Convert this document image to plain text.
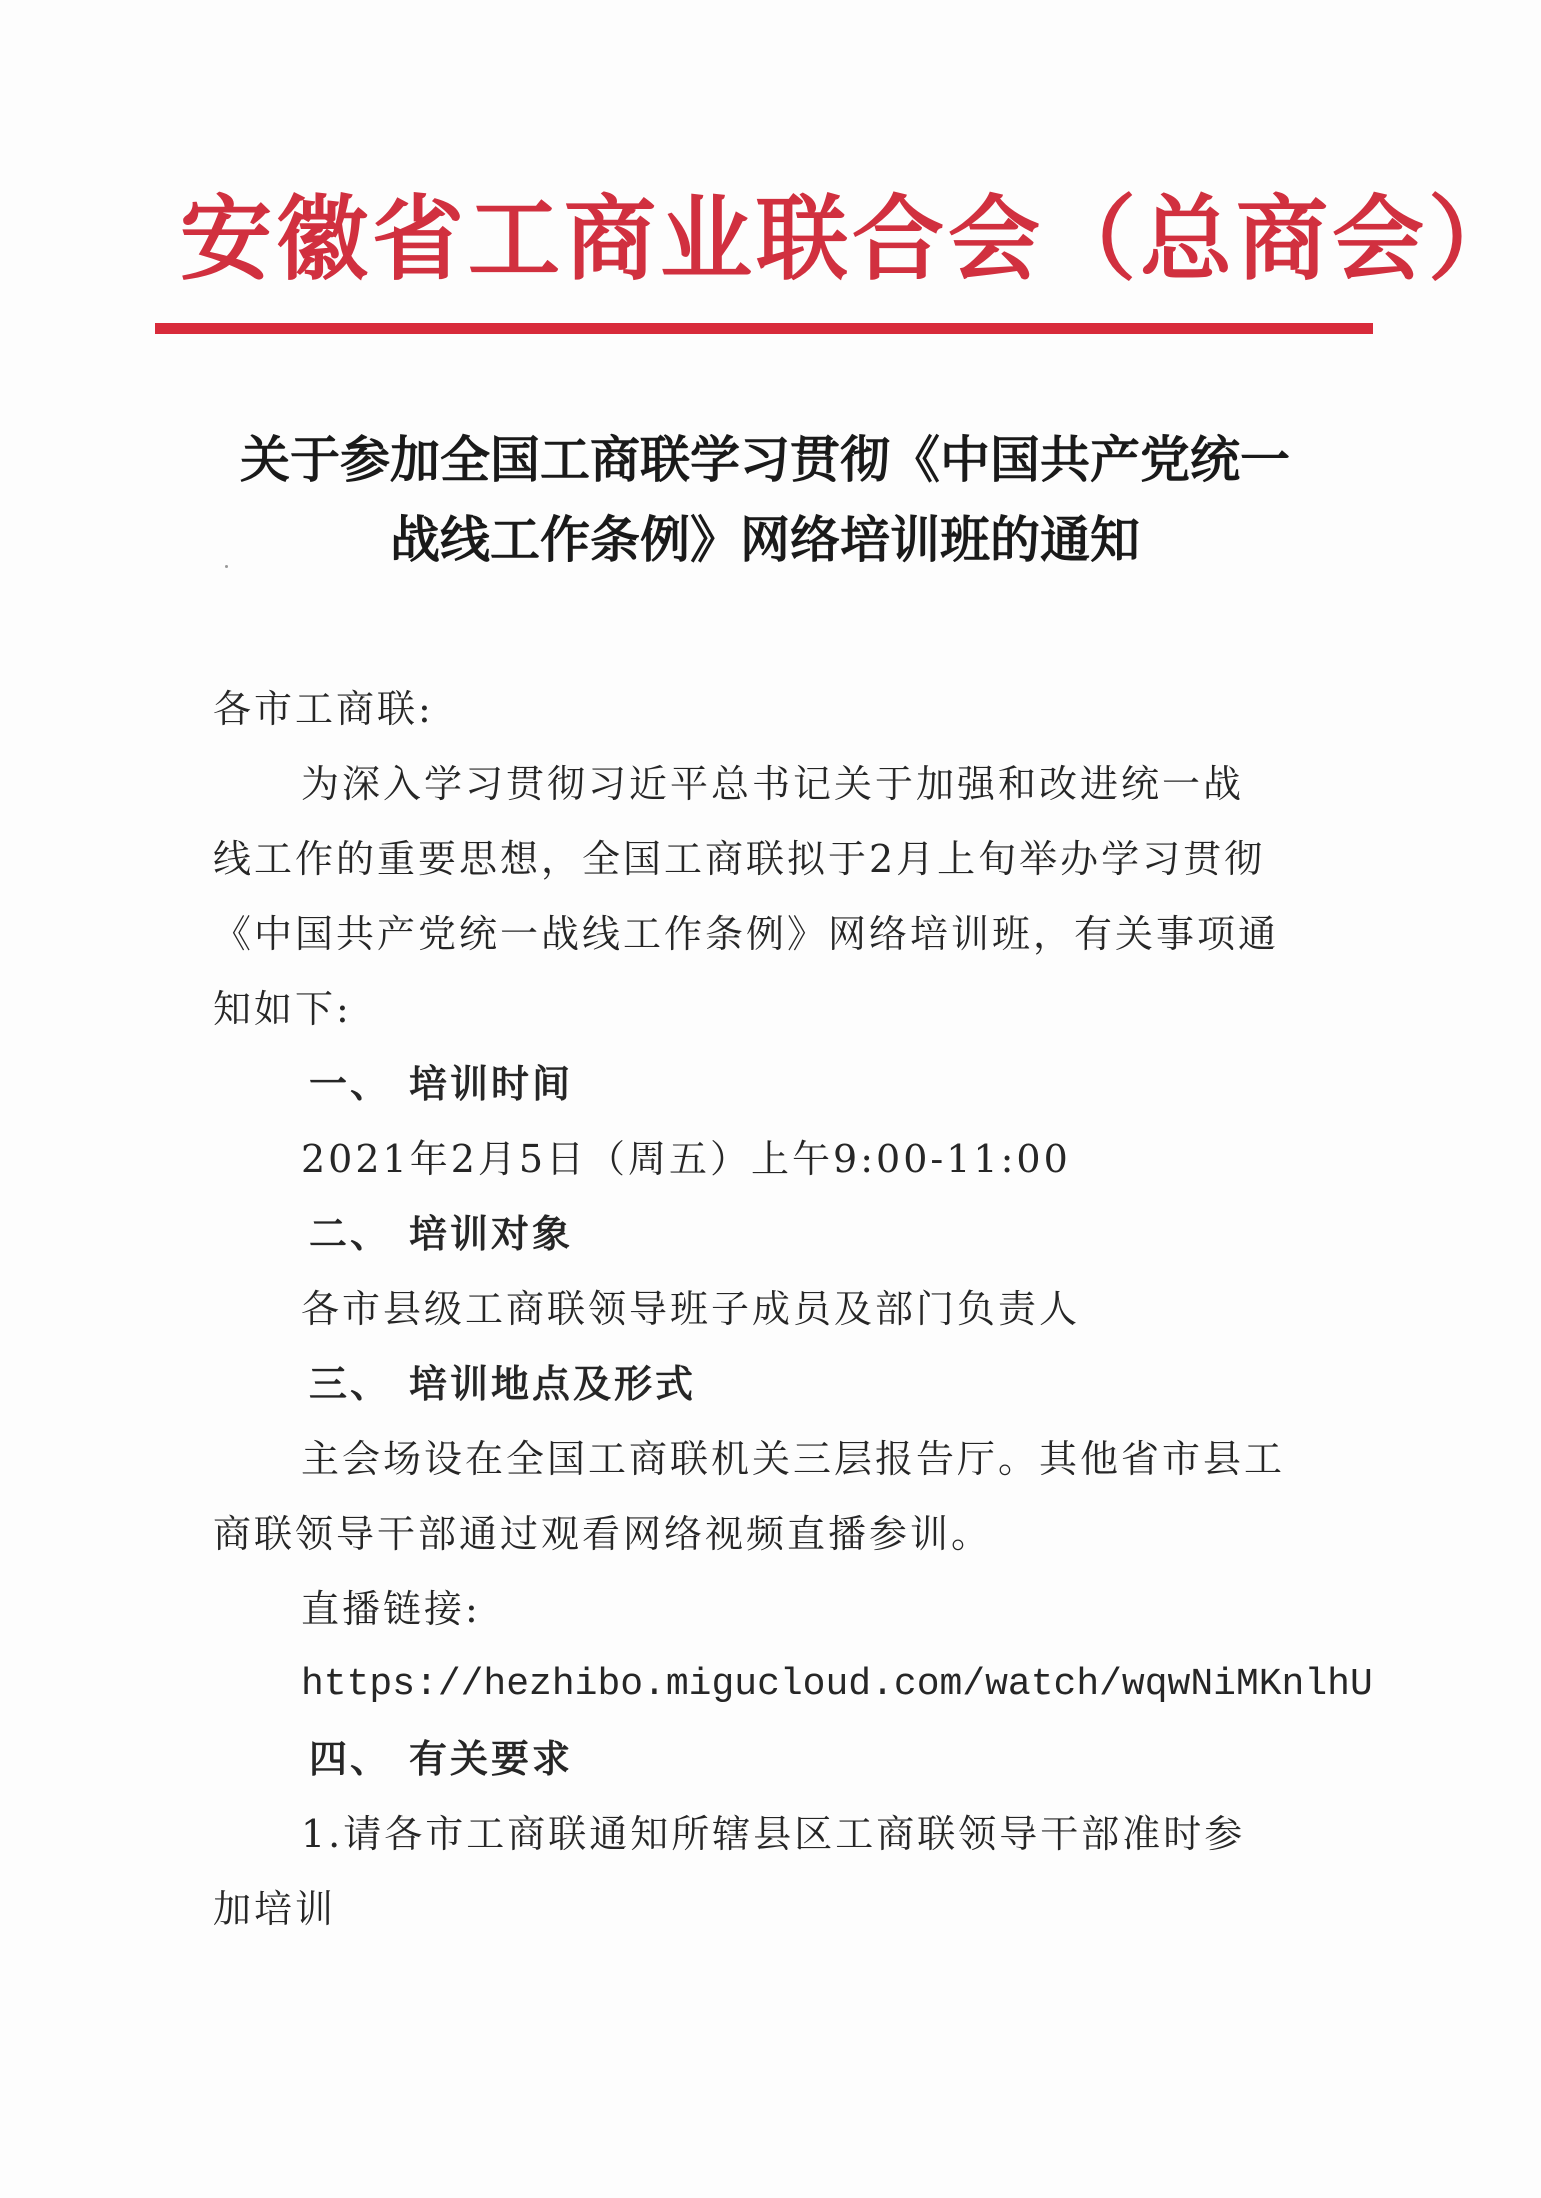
安徽省工商业联合会（总商会）
关于参加全国工商联学习贯彻《中国共产党统一
战线工作条例》网络培训班的通知
各市工商联:
为深入学习贯彻习近平总书记关于加强和改进统一战
线工作的重要思想，全国工商联拟于2月上旬举办学习贯彻
《中国共产党统一战线工作条例》网络培训班，有关事项通
知如下:
一、 培训时间
2021年2月5日（周五）上午9:00-11:00
二、 培训对象
各市县级工商联领导班子成员及部门负责人
三、 培训地点及形式
主会场设在全国工商联机关三层报告厅。其他省市县工
商联领导干部通过观看网络视频直播参训。
直播链接:
https://hezhibo.migucloud.com/watch/wqwNiMKnlhU
四、 有关要求
1.请各市工商联通知所辖县区工商联领导干部准时参
加培训
